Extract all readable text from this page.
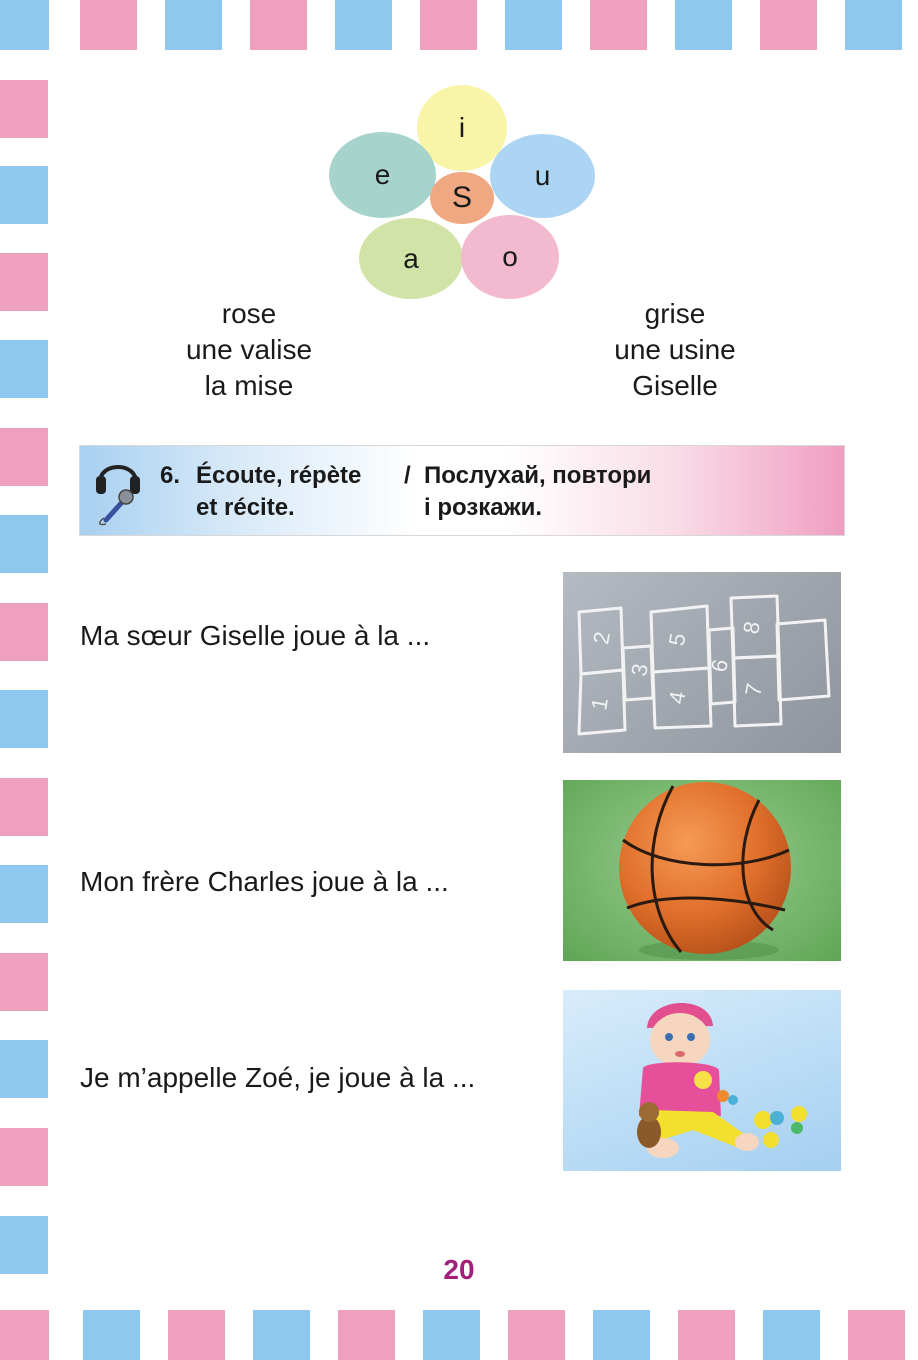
i
e	u
a	o
S
rose
une valise
la mise
grise
une usine
Giselle
6. Écoute, répète
et récite.
/ Послухай, повтори
і розкажи.
Ma sœur Giselle joue à la ...
Mon frère Charles joue à la ...
Je m’appelle Zoé, je joue à la ...
1
2
3
4
5
6
7
8
20
